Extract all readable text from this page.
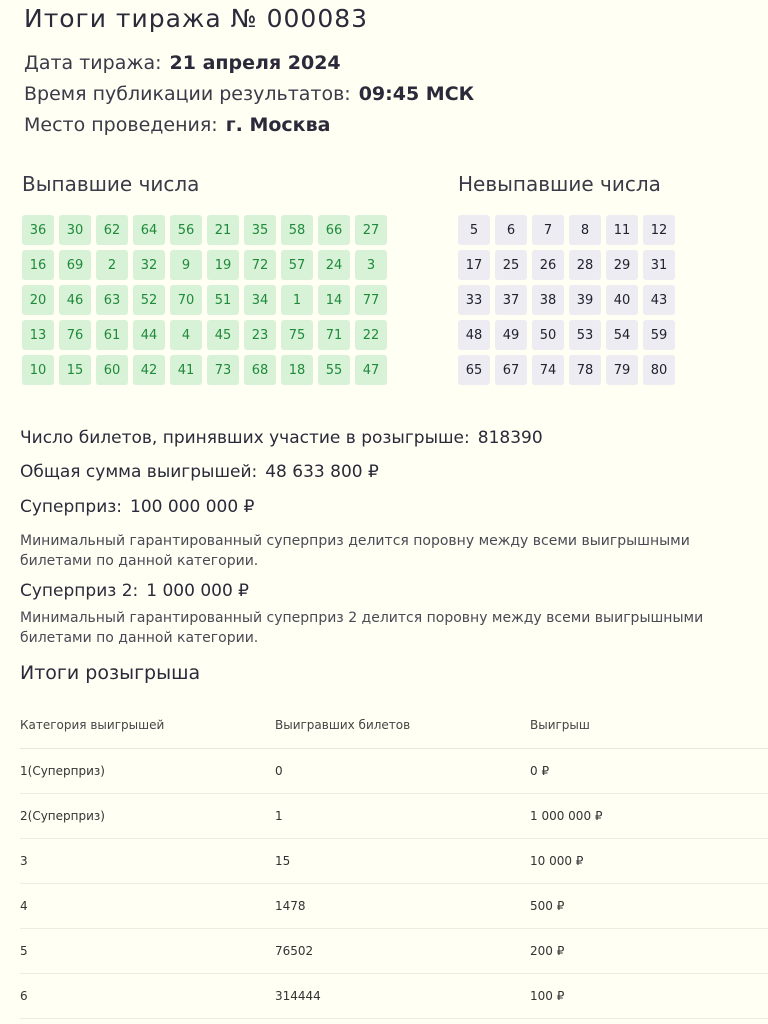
Итоги тиража № 000083
Дата тиража: 21 апреля 2024
Время публикации результатов: 09:45 МСК
Место проведения: г. Москва
Выпавшие числа	Невыпавшие числа
36	30	62	64	56	21	35	58	66	27
16	69	2	32	9	19	72	57	24	3
20	46	63	52	70	51	34	1	14	77
13	76	61	44	4	45	23	75	71	22
10	15	60	42	41	73	68	18	55	47
5	6	7	8	11	12
17	25	26	28	29	31
33	37	38	39	40	43
48	49	50	53	54	59
65	67	74	78	79	80
Число билетов, принявших участие в розыгрыше: 818390
Общая сумма выигрышей: 48 633 800 ₽
Суперприз: 100 000 000 ₽
Минимальный гарантированный суперприз делится поровну между всеми выигрышными билетами по данной категории.
Суперприз 2: 1 000 000 ₽
Минимальный гарантированный суперприз 2 делится поровну между всеми выигрышными билетами по данной категории.
Итоги розыгрыша
Категория выигрышей	Выигравших билетов	Выигрыш
1(Суперприз)	0	0 ₽
2(Суперприз)	1	1 000 000 ₽
3	15	10 000 ₽
4	1478	500 ₽
5	76502	200 ₽
6	314444	100 ₽
